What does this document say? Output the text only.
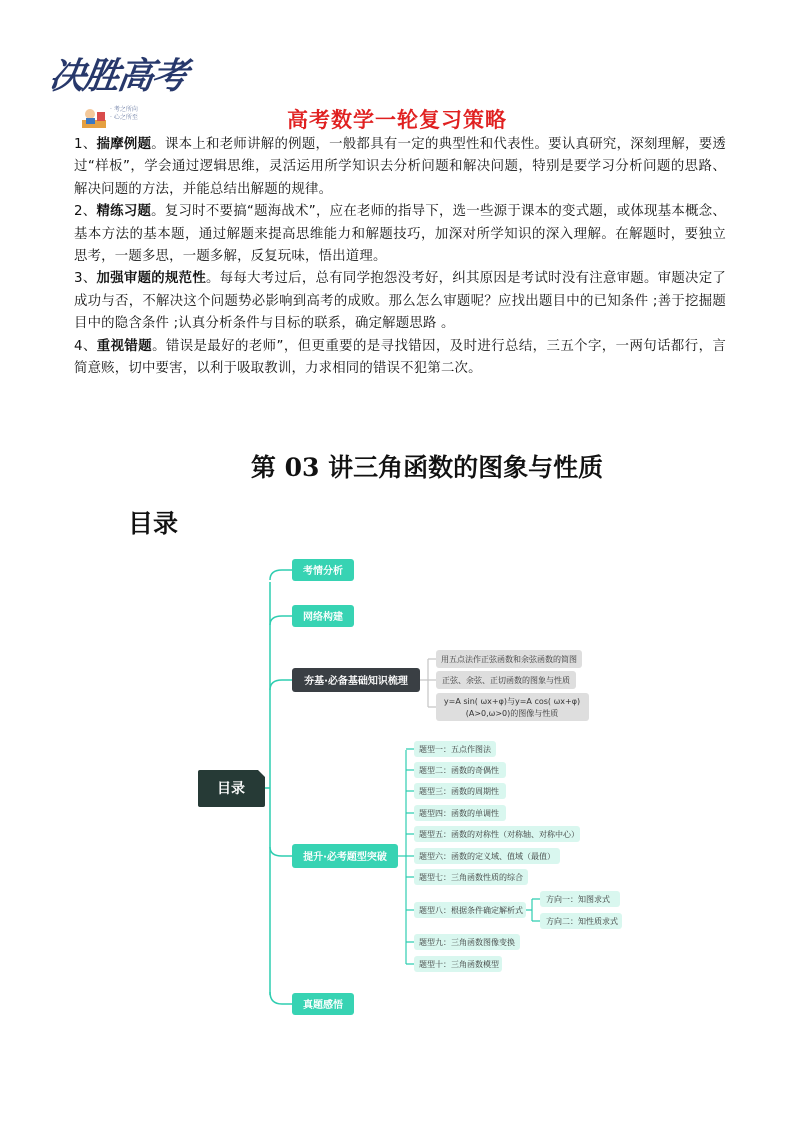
决胜高考
· 考之所向
· 心之所至	高考数学一轮复习策略

1、揣摩例题。课本上和老师讲解的例题，一般都具有一定的典型性和代表性。要认真研究，深刻理解，要透过“样板”，学会通过逻辑思维，灵活运用所学知识去分析问题和解决问题，特别是要学习分析问题的思路、解决问题的方法，并能总结出解题的规律。

2、精练习题。复习时不要搞“题海战术”，应在老师的指导下，选一些源于课本的变式题，或体现基本概念、基本方法的基本题，通过解题来提高思维能力和解题技巧，加深对所学知识的深入理解。在解题时，要独立思考，一题多思，一题多解，反复玩味，悟出道理。

3、加强审题的规范性。每每大考过后，总有同学抱怨没考好，纠其原因是考试时没有注意审题。审题决定了成功与否，不解决这个问题势必影响到高考的成败。那么怎么审题呢？应找出题目中的已知条件 ;善于挖掘题目中的隐含条件 ;认真分析条件与目标的联系，确定解题思路 。

4、重视错题。错误是最好的老师”，但更重要的是寻找错因，及时进行总结，三五个字，一两句话都行，言简意赅，切中要害，以利于吸取教训，力求相同的错误不犯第二次。

第 03 讲三角函数的图象与性质
目录
目录
考情分析
网络构建
夯基·必备基础知识梳理
提升·必考题型突破
真题感悟
用五点法作正弦函数和余弦函数的简图
正弦、余弦、正切函数的图象与性质
y=A sin( ωx+φ)与y=A cos( ωx+φ)
(A>0,ω>0)的图像与性质
题型一：五点作图法
题型二：函数的奇偶性
题型三：函数的周期性
题型四：函数的单调性
题型五：函数的对称性（对称轴、对称中心）
题型六：函数的定义域、值域（最值）
题型七：三角函数性质的综合
题型八：根据条件确定解析式
方向一：知图求式
方向二：知性质求式
题型九：三角函数图像变换
题型十：三角函数模型
